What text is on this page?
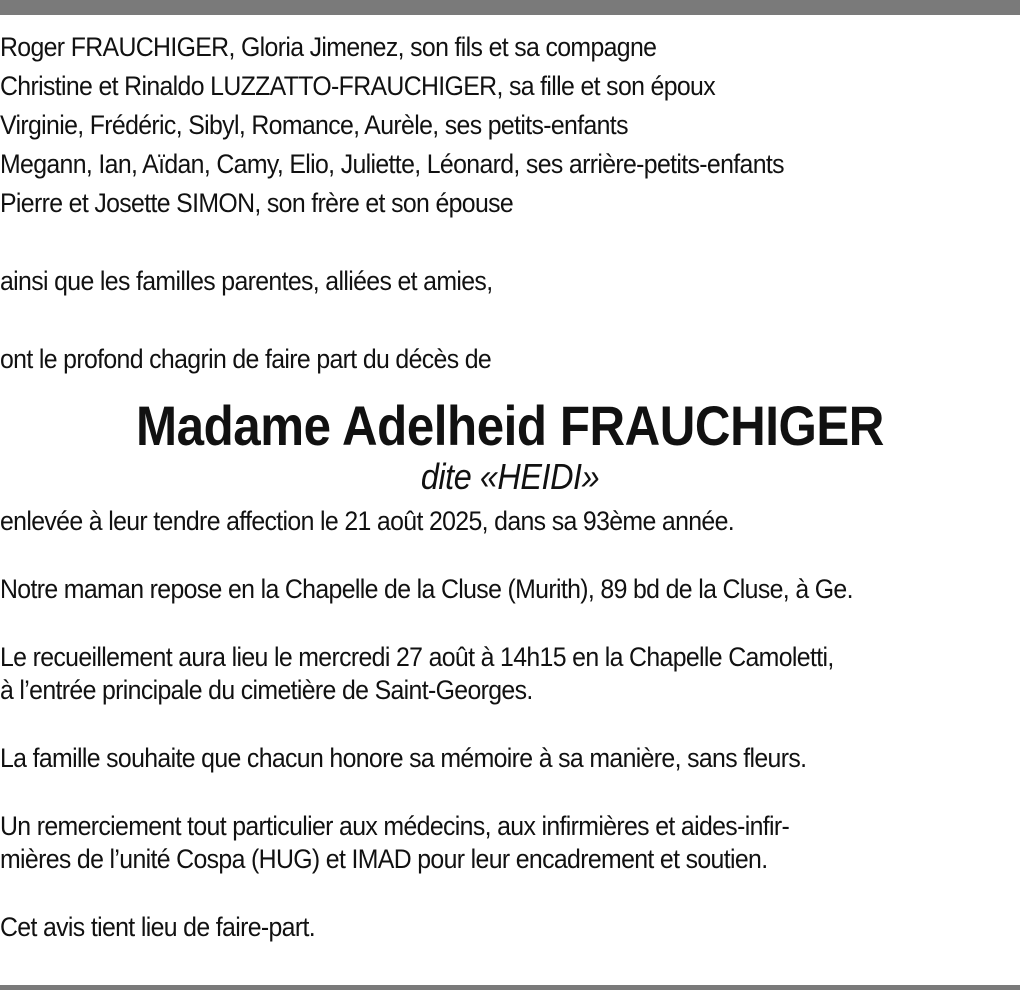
Roger FRAUCHIGER, Gloria Jimenez, son fils et sa compagne
Christine et Rinaldo LUZZATTO-FRAUCHIGER, sa fille et son époux
Virginie, Frédéric, Sibyl, Romance, Aurèle, ses petits-enfants
Megann, Ian, Aïdan, Camy, Elio, Juliette, Léonard, ses arrière-petits-enfants
Pierre et Josette SIMON, son frère et son épouse
ainsi que les familles parentes, alliées et amies,
ont le profond chagrin de faire part du décès de
Madame Adelheid FRAUCHIGER
dite «HEIDI»
enlevée à leur tendre affection le 21 août 2025, dans sa 93ème année.
Notre maman repose en la Chapelle de la Cluse (Murith), 89 bd de la Cluse, à Ge.
Le recueillement aura lieu le mercredi 27 août à 14h15 en la Chapelle Camoletti,
à l’entrée principale du cimetière de Saint-Georges.
La famille souhaite que chacun honore sa mémoire à sa manière, sans fleurs.
Un remerciement tout particulier aux médecins, aux infirmières et aides-infir-
mières de l’unité Cospa (HUG) et IMAD pour leur encadrement et soutien.
Cet avis tient lieu de faire-part.
